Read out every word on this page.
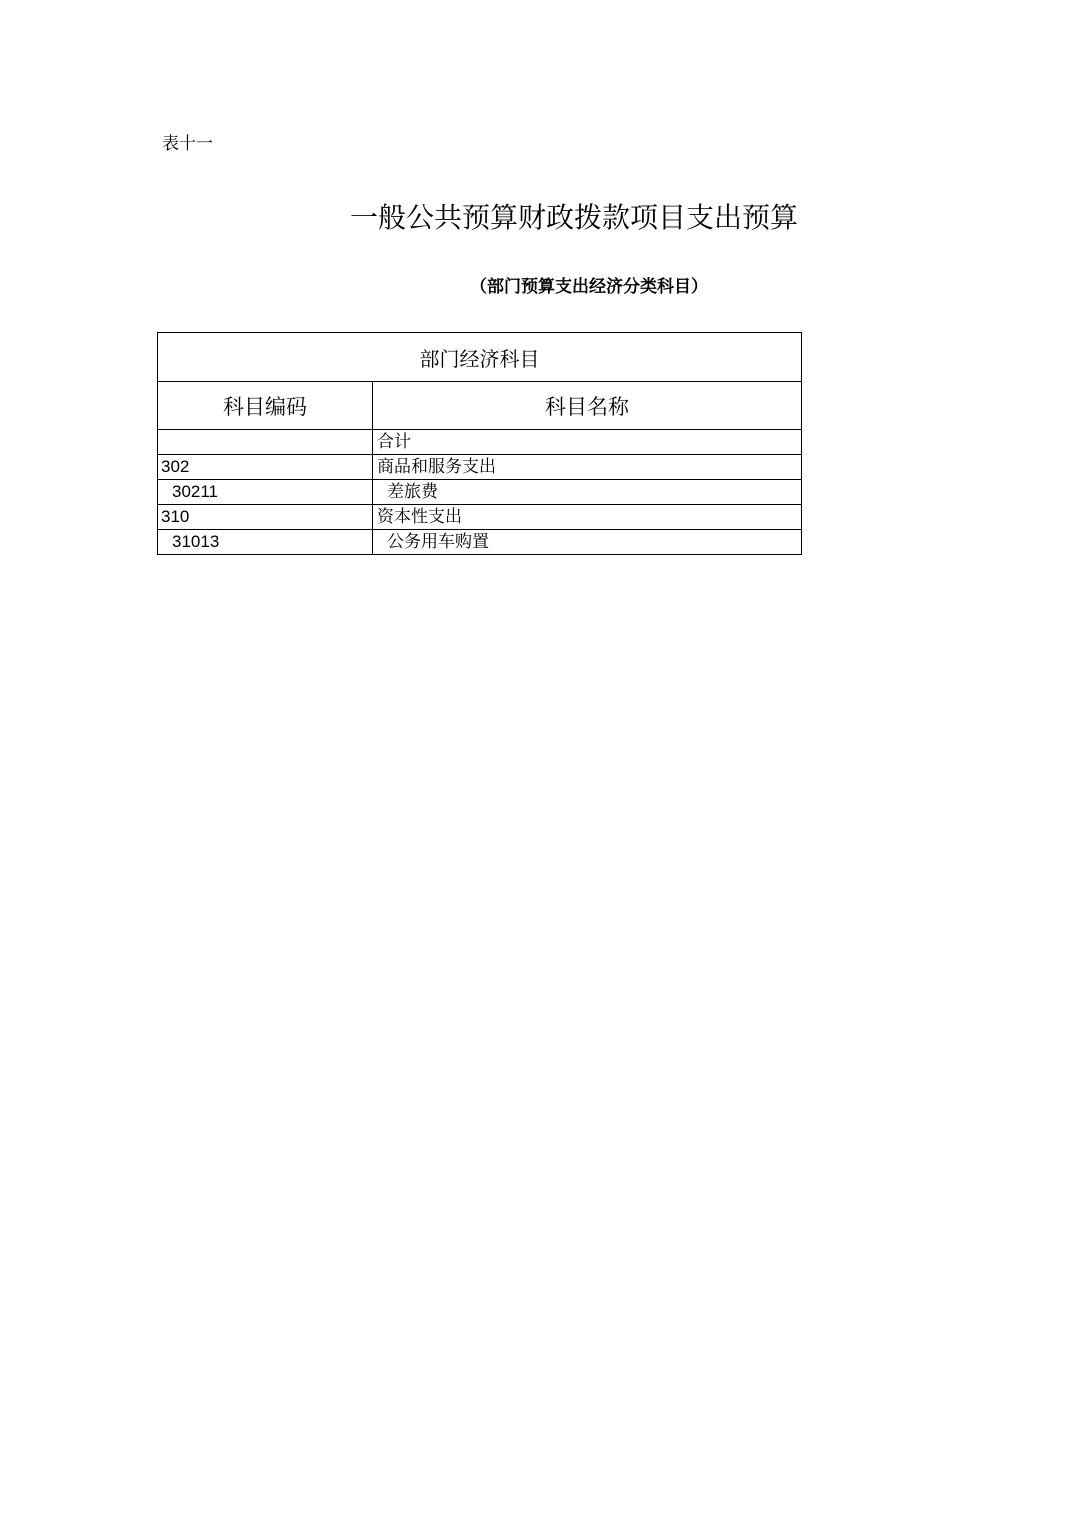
表十一
一般公共预算财政拨款项目支出预算
（部门预算支出经济分类科目）
部门经济科目	
科目编码	科目名称
	合计
302	商品和服务支出
30211	差旅费
310	资本性支出
31013	公务用车购置
